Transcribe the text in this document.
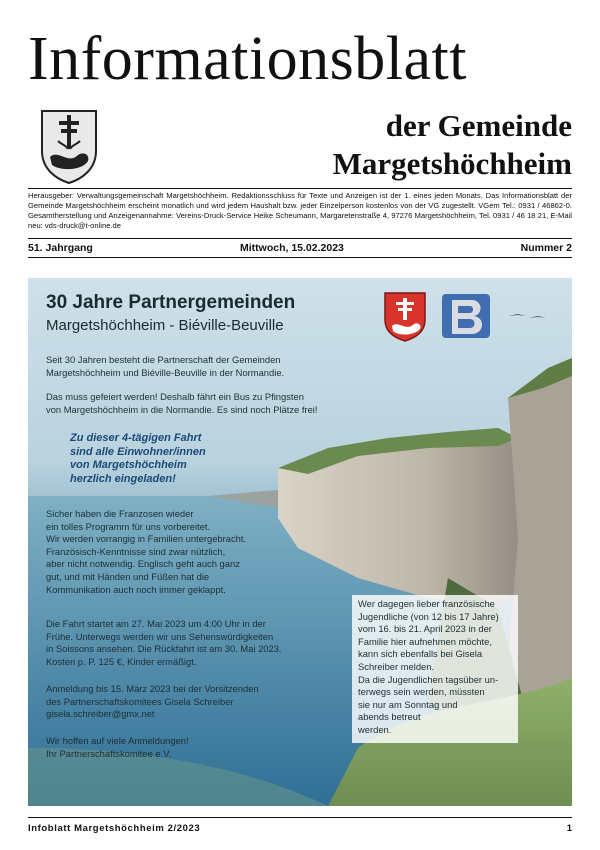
Informationsblatt
der Gemeinde
Margetshöchheim
Herausgeber: Verwaltungsgemeinschaft Margetshöchheim. Redaktionsschluss für Texte und Anzeigen ist der 1. eines jeden Monats. Das Informationsblatt der Gemeinde Margetshöchheim erscheint monatlich und wird jedem Haushalt bzw. jeder Einzelperson kostenlos von der VG zugestellt. VGem Tel.: 0931 / 46862-0. Gesamtherstellung und Anzeigenannahme: Vereins-Druck-Service Heike Scheumann, Margaretenstraße 4, 97276 Margetshöchheim, Tel. 0931 / 46 18 21, E-Mail neu: vds-druck@t-online.de
51. Jahrgang	Mittwoch, 15.02.2023	Nummer 2
30 Jahre Partnergemeinden
Margetshöchheim - Biéville-Beuville
Seit 30 Jahren besteht die Partnerschaft der Gemeinden
Margetshöchheim und Biéville-Beuville in der Normandie.
Das muss gefeiert werden! Deshalb fährt ein Bus zu Pfingsten
von Margetshöchheim in die Normandie. Es sind noch Plätze frei!
Zu dieser 4-tägigen Fahrt
sind alle Einwohner/innen
von Margetshöchheim
herzlich eingeladen!
Sicher haben die Franzosen wieder
ein tolles Programm für uns vorbereitet.
Wir werden vorrangig in Familien untergebracht.
Französisch-Kenntnisse sind zwar nützlich,
aber nicht notwendig. Englisch geht auch ganz
gut, und mit Händen und Füßen hat die
Kommunikation auch noch immer geklappt.
Die Fahrt startet am 27. Mai 2023 um 4:00 Uhr in der
Frühe. Unterwegs werden wir uns Sehenswürdigkeiten
in Soissons ansehen. Die Rückfahrt ist am 30. Mai 2023.
Kosten p. P. 125 €, Kinder ermäßigt.
Anmeldung bis 15. März 2023 bei der Vorsitzenden
des Partnerschaftskomitees Gisela Schreiber
gisela.schreiber@gmx.net
Wir hoffen auf viele Anmeldungen!
Ihr Partnerschaftskomitee e.V.
Wer dagegen lieber französische
Jugendliche (von 12 bis 17 Jahre)
vom 16. bis 21. April 2023 in der
Familie hier aufnehmen möchte,
kann sich ebenfalls bei Gisela
Schreiber melden.
Da die Jugendlichen tagsüber un-
terwegs sein werden, müssten
sie nur am Sonntag und
abends betreut
werden.
Infoblatt Margetshöchheim 2/2023	1
